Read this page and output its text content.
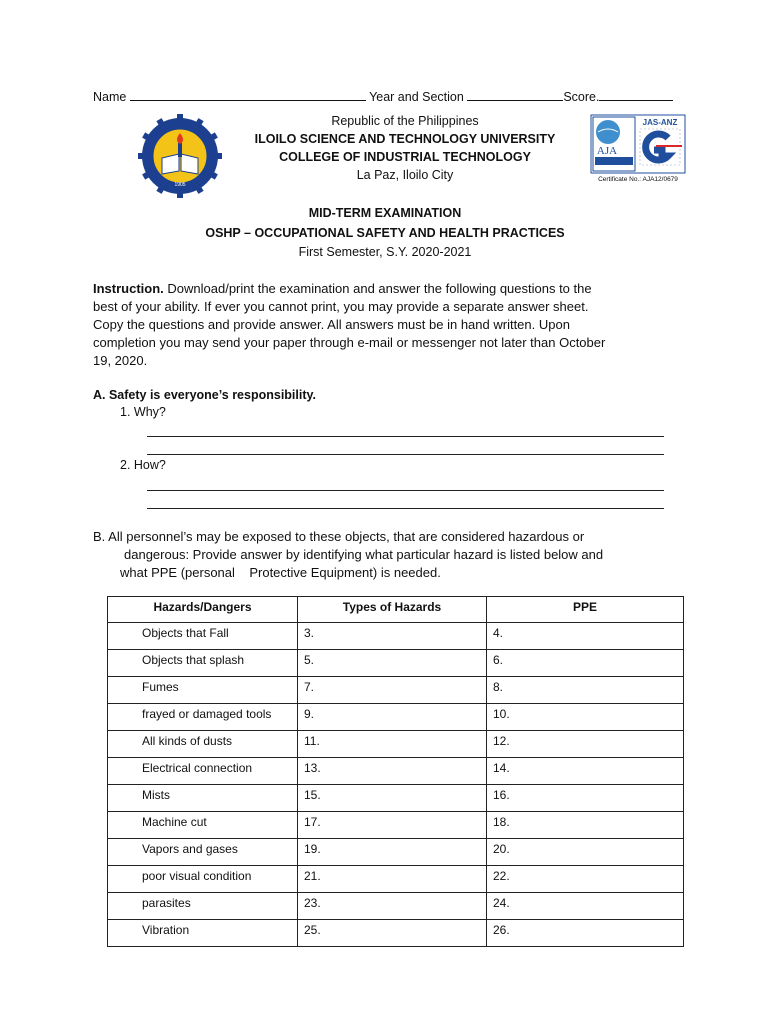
Name	Year and Section	Score.
1905
Republic of the Philippines
ILOILO SCIENCE AND TECHNOLOGY UNIVERSITY
COLLEGE OF INDUSTRIAL TECHNOLOGY
La Paz, Iloilo City
AJA
JAS-ANZ
Certificate No.: AJA12/0679
MID-TERM EXAMINATION
OSHP – OCCUPATIONAL SAFETY AND HEALTH PRACTICES
First Semester, S.Y. 2020-2021
Instruction. Download/print the examination and answer the following questions to the
best of your ability. If ever you cannot print, you may provide a separate answer sheet.
Copy the questions and provide answer. All answers must be in hand written. Upon
completion you may send your paper through e-mail or messenger not later than October
19, 2020.
A. Safety is everyone’s responsibility.
1. Why?
2. How?
B. All personnel’s may be exposed to these objects, that are considered hazardous or
dangerous: Provide answer by identifying what particular hazard is listed below and
what PPE (personal    Protective Equipment) is needed.
Hazards/Dangers	Types of Hazards	PPE
Objects that Fall	3.	4.
Objects that splash	5.	6.
Fumes	7.	8.
frayed or damaged tools	9.	10.
All kinds of dusts	11.	12.
Electrical connection	13.	14.
Mists	15.	16.
Machine cut	17.	18.
Vapors and gases	19.	20.
poor visual condition	21.	22.
parasites	23.	24.
Vibration	25.	26.
